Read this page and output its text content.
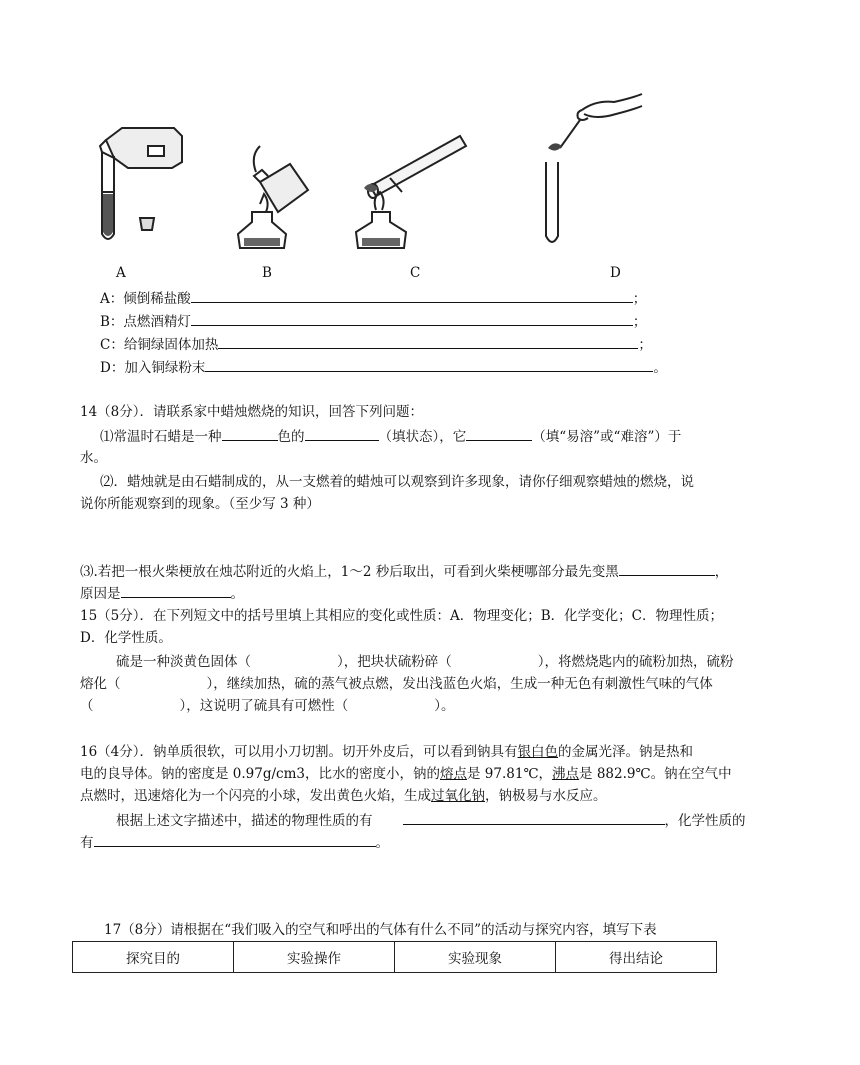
A	B	C	D
A：倾倒稀盐酸	；
B：点燃酒精灯	；
C：给铜绿固体加热	；
D：加入铜绿粉末	。
14（8分）．请联系家中蜡烛燃烧的知识，回答下列问题：
⑴常温时石蜡是一种	色的	（填状态），它	（填“易溶”或“难溶”）于
水。
⑵．蜡烛就是由石蜡制成的，从一支燃着的蜡烛可以观察到许多现象，请你仔细观察蜡烛的燃烧，说
说你所能观察到的现象。（至少写 3 种）
⑶.若把一根火柴梗放在烛芯附近的火焰上，1～2 秒后取出，可看到火柴梗哪部分最先变黑	，
原因是	。
15（5分）．在下列短文中的括号里填上其相应的变化或性质：A．物理变化；B．化学变化；C．物理性质；
D．化学性质。
硫是一种淡黄色固体（	），把块状硫粉碎（	），将燃烧匙内的硫粉加热，硫粉
熔化（	），继续加热，硫的蒸气被点燃，发出浅蓝色火焰，生成一种无色有刺激性气味的气体
（	），这说明了硫具有可燃性（	）。
16（4分）．钠单质很软，可以用小刀切割。切开外皮后，可以看到钠具有银白色的金属光泽。钠是热和
电的良导体。钠的密度是 0.97g/cm3，比水的密度小，钠的熔点是 97.81℃，沸点是 882.9℃。钠在空气中
点燃时，迅速熔化为一个闪亮的小球，发出黄色火焰，生成过氧化钠，钠极易与水反应。
根据上述文字描述中，描述的物理性质的有	，化学性质的
有	。
17（8分）请根据在“我们吸入的空气和呼出的气体有什么不同”的活动与探究内容，填写下表
探究目的	实验操作	实验现象	得出结论
